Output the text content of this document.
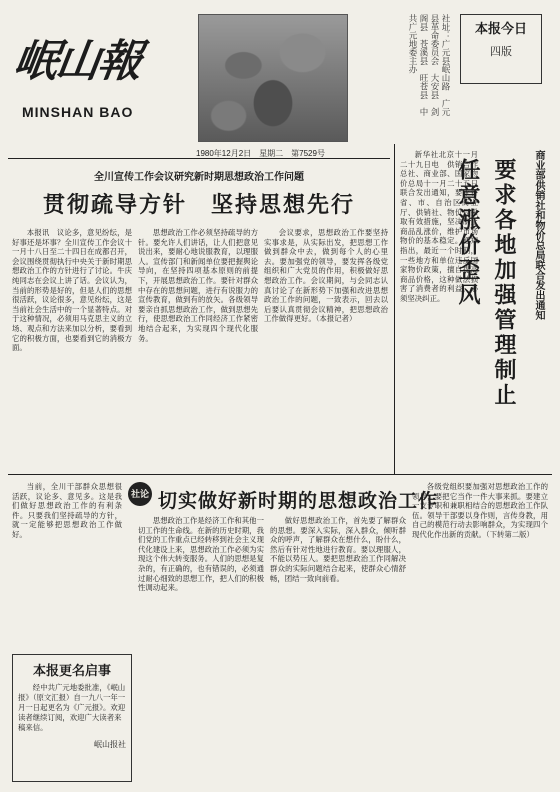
岷山報
MINSHAN BAO
1980年12月2日　星期二　第7529号
社址：广元县岷山路　广元县革命委员会　大安县　剑阁县　苍溪县　旺苍县　中共广元地委主办	本报今日
四版
全川宣传工作会议研究新时期思想政治工作问题
贯彻疏导方针　坚持思想先行

本报讯　议论多，意见纷纭，是好事还是坏事？全川宣传工作会议十一月十八日至二十四日在成都召开，会议围绕贯彻执行中央关于新时期思想政治工作的方针进行了讨论。牛庆纯同志在会议上讲了话。会议认为，当前的形势是好的，但是人们的思想很活跃，议论很多，意见纷纭，这是当前社会生活中的一个显著特点。对于这种情况，必须用马克思主义的立场、观点和方法来加以分析，要看到它的积极方面，也要看到它的消极方面。

思想政治工作必须坚持疏导的方针。要允许人们讲话，让人们把意见说出来，要耐心地说服教育，以理服人。宣传部门和新闻单位要把握舆论导向，在坚持四项基本原则的前提下，开展思想政治工作。要针对群众中存在的思想问题，进行有说服力的宣传教育，做到有的放矢。各级领导要亲自抓思想政治工作，做到思想先行，使思想政治工作同经济工作紧密地结合起来，为实现四个现代化服务。

会议要求，思想政治工作要坚持实事求是，从实际出发，把思想工作做到群众中去，做到每个人的心里去。要加强党的领导，要发挥各级党组织和广大党员的作用，积极做好思想政治工作。会议期间，与会同志认真讨论了在新形势下加强和改进思想政治工作的问题，一致表示，回去以后要认真贯彻会议精神，把思想政治工作做得更好。（本报记者）	商业部供销社和物价总局联合发出通知
要求各地加强管理制止任意涨价歪风

新华社北京十一月二十九日电　供销合作总社、商业部、国家物价总局十一月二十五日联合发出通知，要求各省、市、自治区商业厅、供销社、物价局采取有效措施，坚决制止商品乱涨价，维护市场物价的基本稳定。通知指出，最近一个时期，一些地方和单位违反国家物价政策，擅自提高商品价格，这种做法损害了消费者的利益，必须坚决纠正。

当前，全川干部群众思想很活跃，议论多、意见多。这是我们做好思想政治工作的有利条件。只要我们坚持疏导的方针，就一定能够把思想政治工作做好。

社论 切实做好新时期的思想政治工作

思想政治工作是经济工作和其他一切工作的生命线。在新的历史时期，我们党的工作重点已经转移到社会主义现代化建设上来，思想政治工作必须为实现这个伟大转变服务。人们的思想是复杂的，有正确的，也有错误的，必须通过耐心细致的思想工作，把人们的积极性调动起来。

做好思想政治工作，首先要了解群众的思想。要深入实际，深入群众，倾听群众的呼声，了解群众在想什么，盼什么，然后有针对性地进行教育。要以理服人，不能以势压人。要把思想政治工作同解决群众的实际问题结合起来，使群众心情舒畅，团结一致向前看。

各级党组织要加强对思想政治工作的领导，要把它当作一件大事来抓。要建立一支专职和兼职相结合的思想政治工作队伍。领导干部要以身作则，言传身教，用自己的模范行动去影响群众，为实现四个现代化作出新的贡献。（下转第二版）

本报更名启事
经中共广元地委批准，《岷山报》（原文汇报）自一九八一年一月一日起更名为《广元报》。欢迎读者继续订阅，欢迎广大读者来稿来信。
岷山报社
